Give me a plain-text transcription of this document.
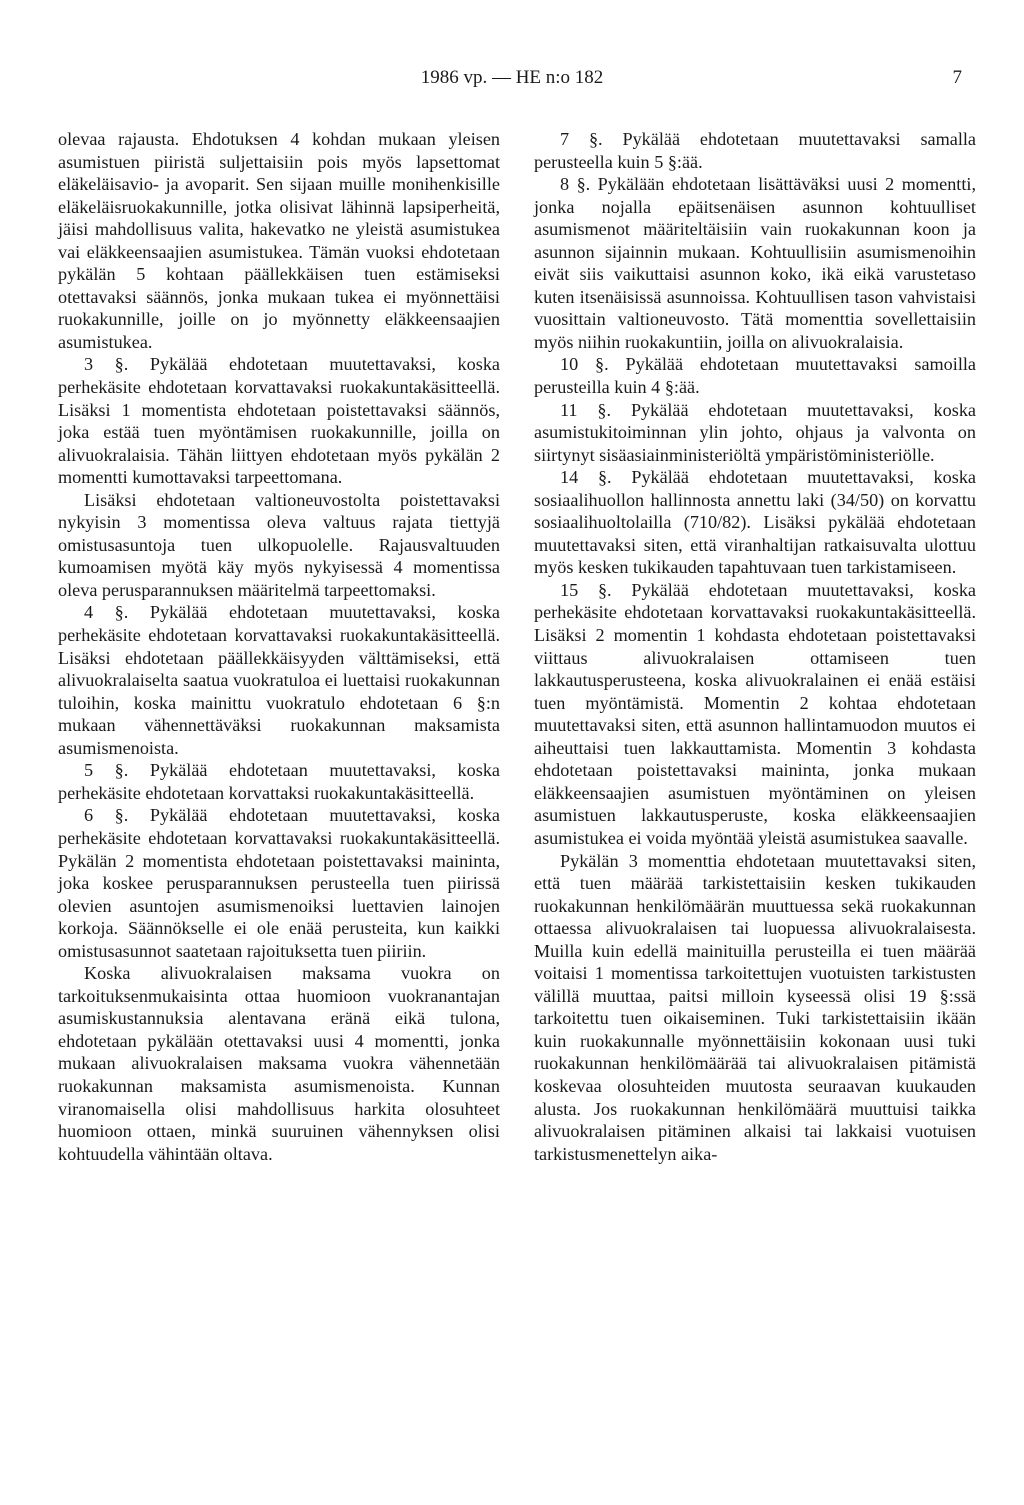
1986 vp. — HE n:o 182	7

olevaa rajausta. Ehdotuksen 4 kohdan mukaan yleisen asumistuen piiristä suljettaisiin pois myös lapsettomat eläkeläisavio- ja avoparit. Sen sijaan muille monihenkisille eläkeläisruokakunnille, jotka olisivat lähinnä lapsiperheitä, jäisi mahdollisuus valita, hakevatko ne yleistä asumistukea vai eläkkeensaajien asumistukea. Tämän vuoksi ehdotetaan pykälän 5 kohtaan päällekkäisen tuen estämiseksi otettavaksi säännös, jonka mukaan tukea ei myönnettäisi ruokakunnille, joille on jo myönnetty eläkkeensaajien asumistukea.

3 §. Pykälää ehdotetaan muutettavaksi, koska perhekäsite ehdotetaan korvattavaksi ruokakuntakäsitteellä. Lisäksi 1 momentista ehdotetaan poistettavaksi säännös, joka estää tuen myöntämisen ruokakunnille, joilla on alivuokralaisia. Tähän liittyen ehdotetaan myös pykälän 2 momentti kumottavaksi tarpeettomana.

Lisäksi ehdotetaan valtioneuvostolta poistettavaksi nykyisin 3 momentissa oleva valtuus rajata tiettyjä omistusasuntoja tuen ulkopuolelle. Rajausvaltuuden kumoamisen myötä käy myös nykyisessä 4 momentissa oleva perusparannuksen määritelmä tarpeettomaksi.

4 §. Pykälää ehdotetaan muutettavaksi, koska perhekäsite ehdotetaan korvattavaksi ruokakuntakäsitteellä. Lisäksi ehdotetaan päällekkäisyyden välttämiseksi, että alivuokralaiselta saatua vuokratuloa ei luettaisi ruokakunnan tuloihin, koska mainittu vuokratulo ehdotetaan 6 §:n mukaan vähennettäväksi ruokakunnan maksamista asumismenoista.

5 §. Pykälää ehdotetaan muutettavaksi, koska perhekäsite ehdotetaan korvattaksi ruokakuntakäsitteellä.

6 §. Pykälää ehdotetaan muutettavaksi, koska perhekäsite ehdotetaan korvattavaksi ruokakuntakäsitteellä. Pykälän 2 momentista ehdotetaan poistettavaksi maininta, joka koskee perusparannuksen perusteella tuen piirissä olevien asuntojen asumismenoiksi luettavien lainojen korkoja. Säännökselle ei ole enää perusteita, kun kaikki omistusasunnot saatetaan rajoituksetta tuen piiriin.

Koska alivuokralaisen maksama vuokra on tarkoituksenmukaisinta ottaa huomioon vuokranantajan asumiskustannuksia alentavana eränä eikä tulona, ehdotetaan pykälään otettavaksi uusi 4 momentti, jonka mukaan alivuokralaisen maksama vuokra vähennetään ruokakunnan maksamista asumismenoista. Kunnan viranomaisella olisi mahdollisuus harkita olosuhteet huomioon ottaen, minkä suuruinen vähennyksen olisi kohtuudella vähintään oltava.

7 §. Pykälää ehdotetaan muutettavaksi samalla perusteella kuin 5 §:ää.

8 §. Pykälään ehdotetaan lisättäväksi uusi 2 momentti, jonka nojalla epäitsenäisen asunnon kohtuulliset asumismenot määriteltäisiin vain ruokakunnan koon ja asunnon sijainnin mukaan. Kohtuullisiin asumismenoihin eivät siis vaikuttaisi asunnon koko, ikä eikä varustetaso kuten itsenäisissä asunnoissa. Kohtuullisen tason vahvistaisi vuosittain valtioneuvosto. Tätä momenttia sovellettaisiin myös niihin ruokakuntiin, joilla on alivuokralaisia.

10 §. Pykälää ehdotetaan muutettavaksi samoilla perusteilla kuin 4 §:ää.

11 §. Pykälää ehdotetaan muutettavaksi, koska asumistukitoiminnan ylin johto, ohjaus ja valvonta on siirtynyt sisäasiainministeriöltä ympäristöministeriölle.

14 §. Pykälää ehdotetaan muutettavaksi, koska sosiaalihuollon hallinnosta annettu laki (34/50) on korvattu sosiaalihuoltolailla (710/82). Lisäksi pykälää ehdotetaan muutettavaksi siten, että viranhaltijan ratkaisuvalta ulottuu myös kesken tukikauden tapahtuvaan tuen tarkistamiseen.

15 §. Pykälää ehdotetaan muutettavaksi, koska perhekäsite ehdotetaan korvattavaksi ruokakuntakäsitteellä. Lisäksi 2 momentin 1 kohdasta ehdotetaan poistettavaksi viittaus alivuokralaisen ottamiseen tuen lakkautusperusteena, koska alivuokralainen ei enää estäisi tuen myöntämistä. Momentin 2 kohtaa ehdotetaan muutettavaksi siten, että asunnon hallintamuodon muutos ei aiheuttaisi tuen lakkauttamista. Momentin 3 kohdasta ehdotetaan poistettavaksi maininta, jonka mukaan eläkkeensaajien asumistuen myöntäminen on yleisen asumistuen lakkautusperuste, koska eläkkeensaajien asumistukea ei voida myöntää yleistä asumistukea saavalle.

Pykälän 3 momenttia ehdotetaan muutettavaksi siten, että tuen määrää tarkistettaisiin kesken tukikauden ruokakunnan henkilömäärän muuttuessa sekä ruokakunnan ottaessa alivuokralaisen tai luopuessa alivuokralaisesta. Muilla kuin edellä mainituilla perusteilla ei tuen määrää voitaisi 1 momentissa tarkoitettujen vuotuisten tarkistusten välillä muuttaa, paitsi milloin kyseessä olisi 19 §:ssä tarkoitettu tuen oikaiseminen. Tuki tarkistettaisiin ikään kuin ruokakunnalle myönnettäisiin kokonaan uusi tuki ruokakunnan henkilömäärää tai alivuokralaisen pitämistä koskevaa olosuhteiden muutosta seuraavan kuukauden alusta. Jos ruokakunnan henkilömäärä muuttuisi taikka alivuokralaisen pitäminen alkaisi tai lakkaisi vuotuisen tarkistusmenettelyn aika-
